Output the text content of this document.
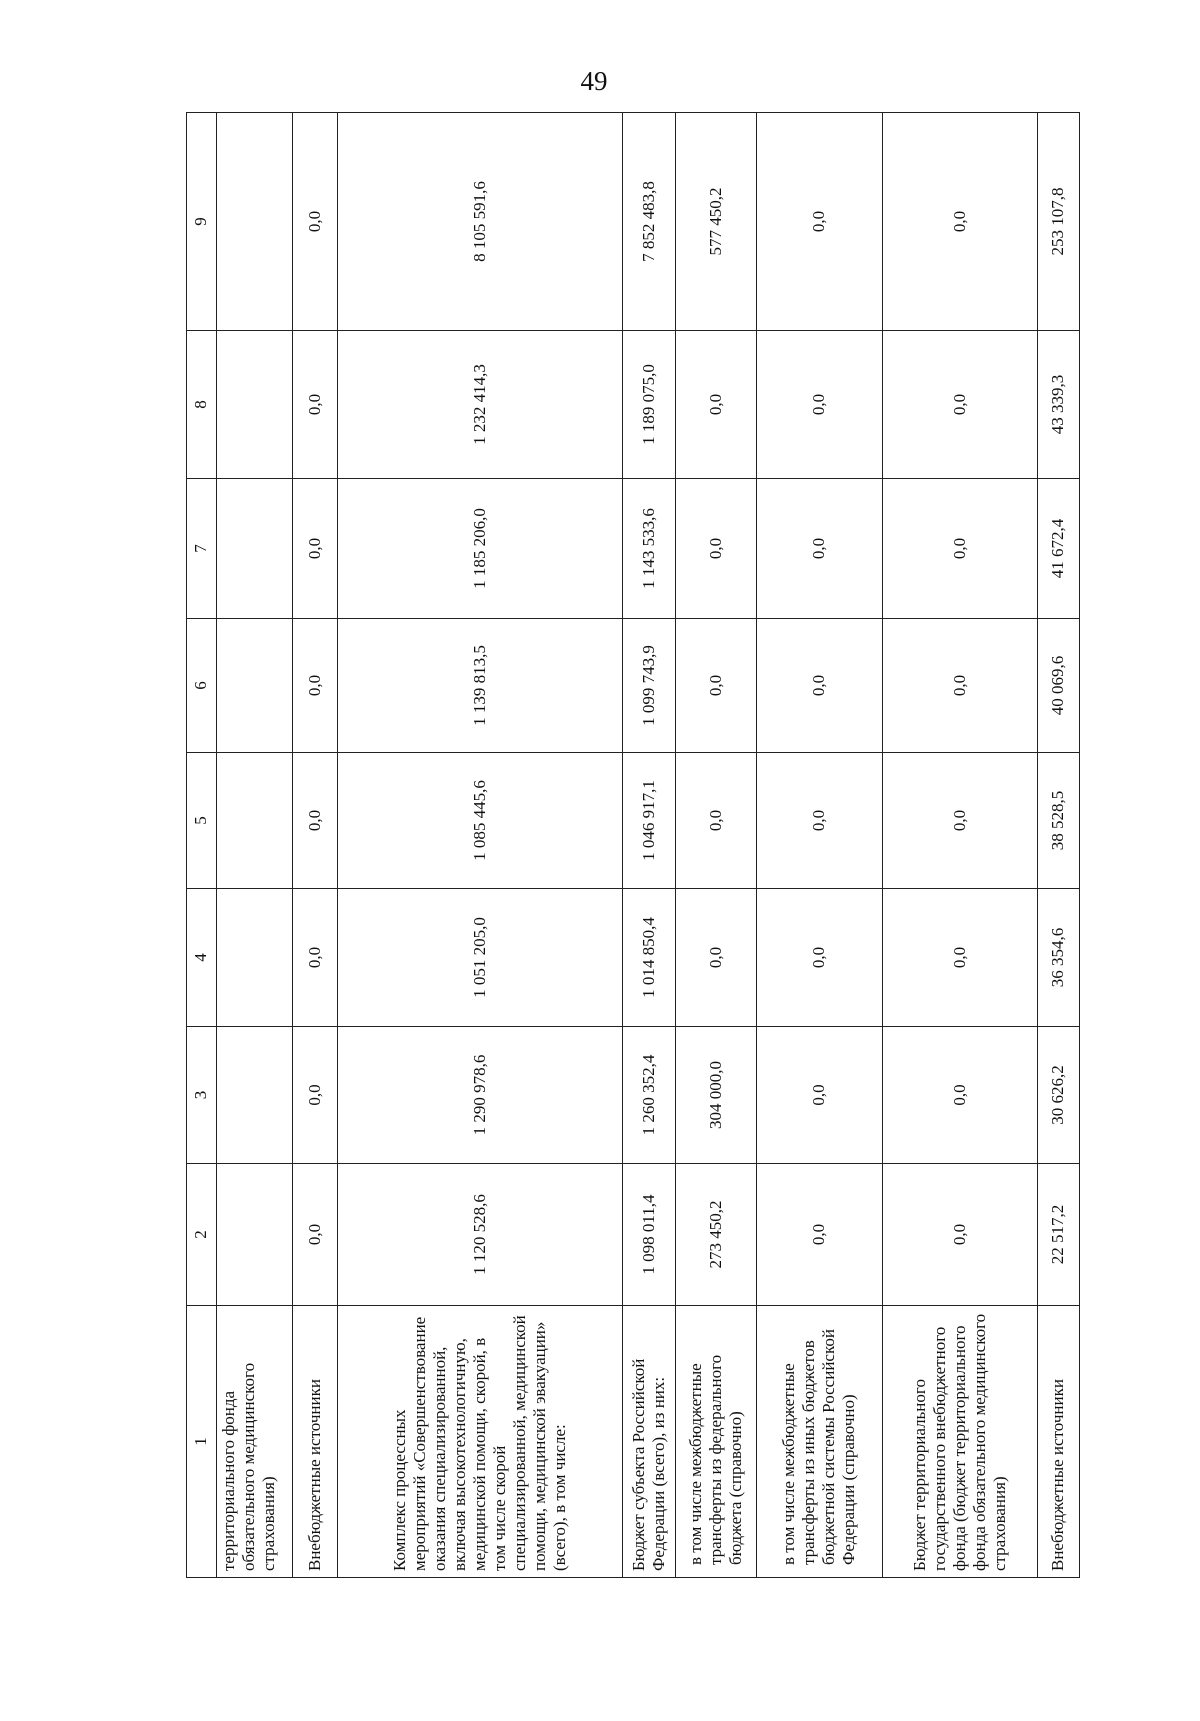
49
1	2	3	4	5	6	7	8	9
территориального фонда обязательного медицинского страхования)								
Внебюджетные источники	0,0	0,0	0,0	0,0	0,0	0,0	0,0	0,0
Комплекс процессных мероприятий «Совершенствование оказания специализированной, включая высокотехнологичную, медицинской помощи, скорой, в том числе скорой специализированной, медицинской помощи, медицинской эвакуации» (всего), в том числе:	1 120 528,6	1 290 978,6	1 051 205,0	1 085 445,6	1 139 813,5	1 185 206,0	1 232 414,3	8 105 591,6
Бюджет субъекта Российской Федерации (всего), из них:	1 098 011,4	1 260 352,4	1 014 850,4	1 046 917,1	1 099 743,9	1 143 533,6	1 189 075,0	7 852 483,8
в том числе межбюджетные трансферты из федерального бюджета (справочно)	273 450,2	304 000,0	0,0	0,0	0,0	0,0	0,0	577 450,2
в том числе межбюджетные трансферты из иных бюджетов бюджетной системы Российской Федерации (справочно)	0,0	0,0	0,0	0,0	0,0	0,0	0,0	0,0
Бюджет территориального государственного внебюджетного фонда (бюджет территориального фонда обязательного медицинского страхования)	0,0	0,0	0,0	0,0	0,0	0,0	0,0	0,0
Внебюджетные источники	22 517,2	30 626,2	36 354,6	38 528,5	40 069,6	41 672,4	43 339,3	253 107,8
